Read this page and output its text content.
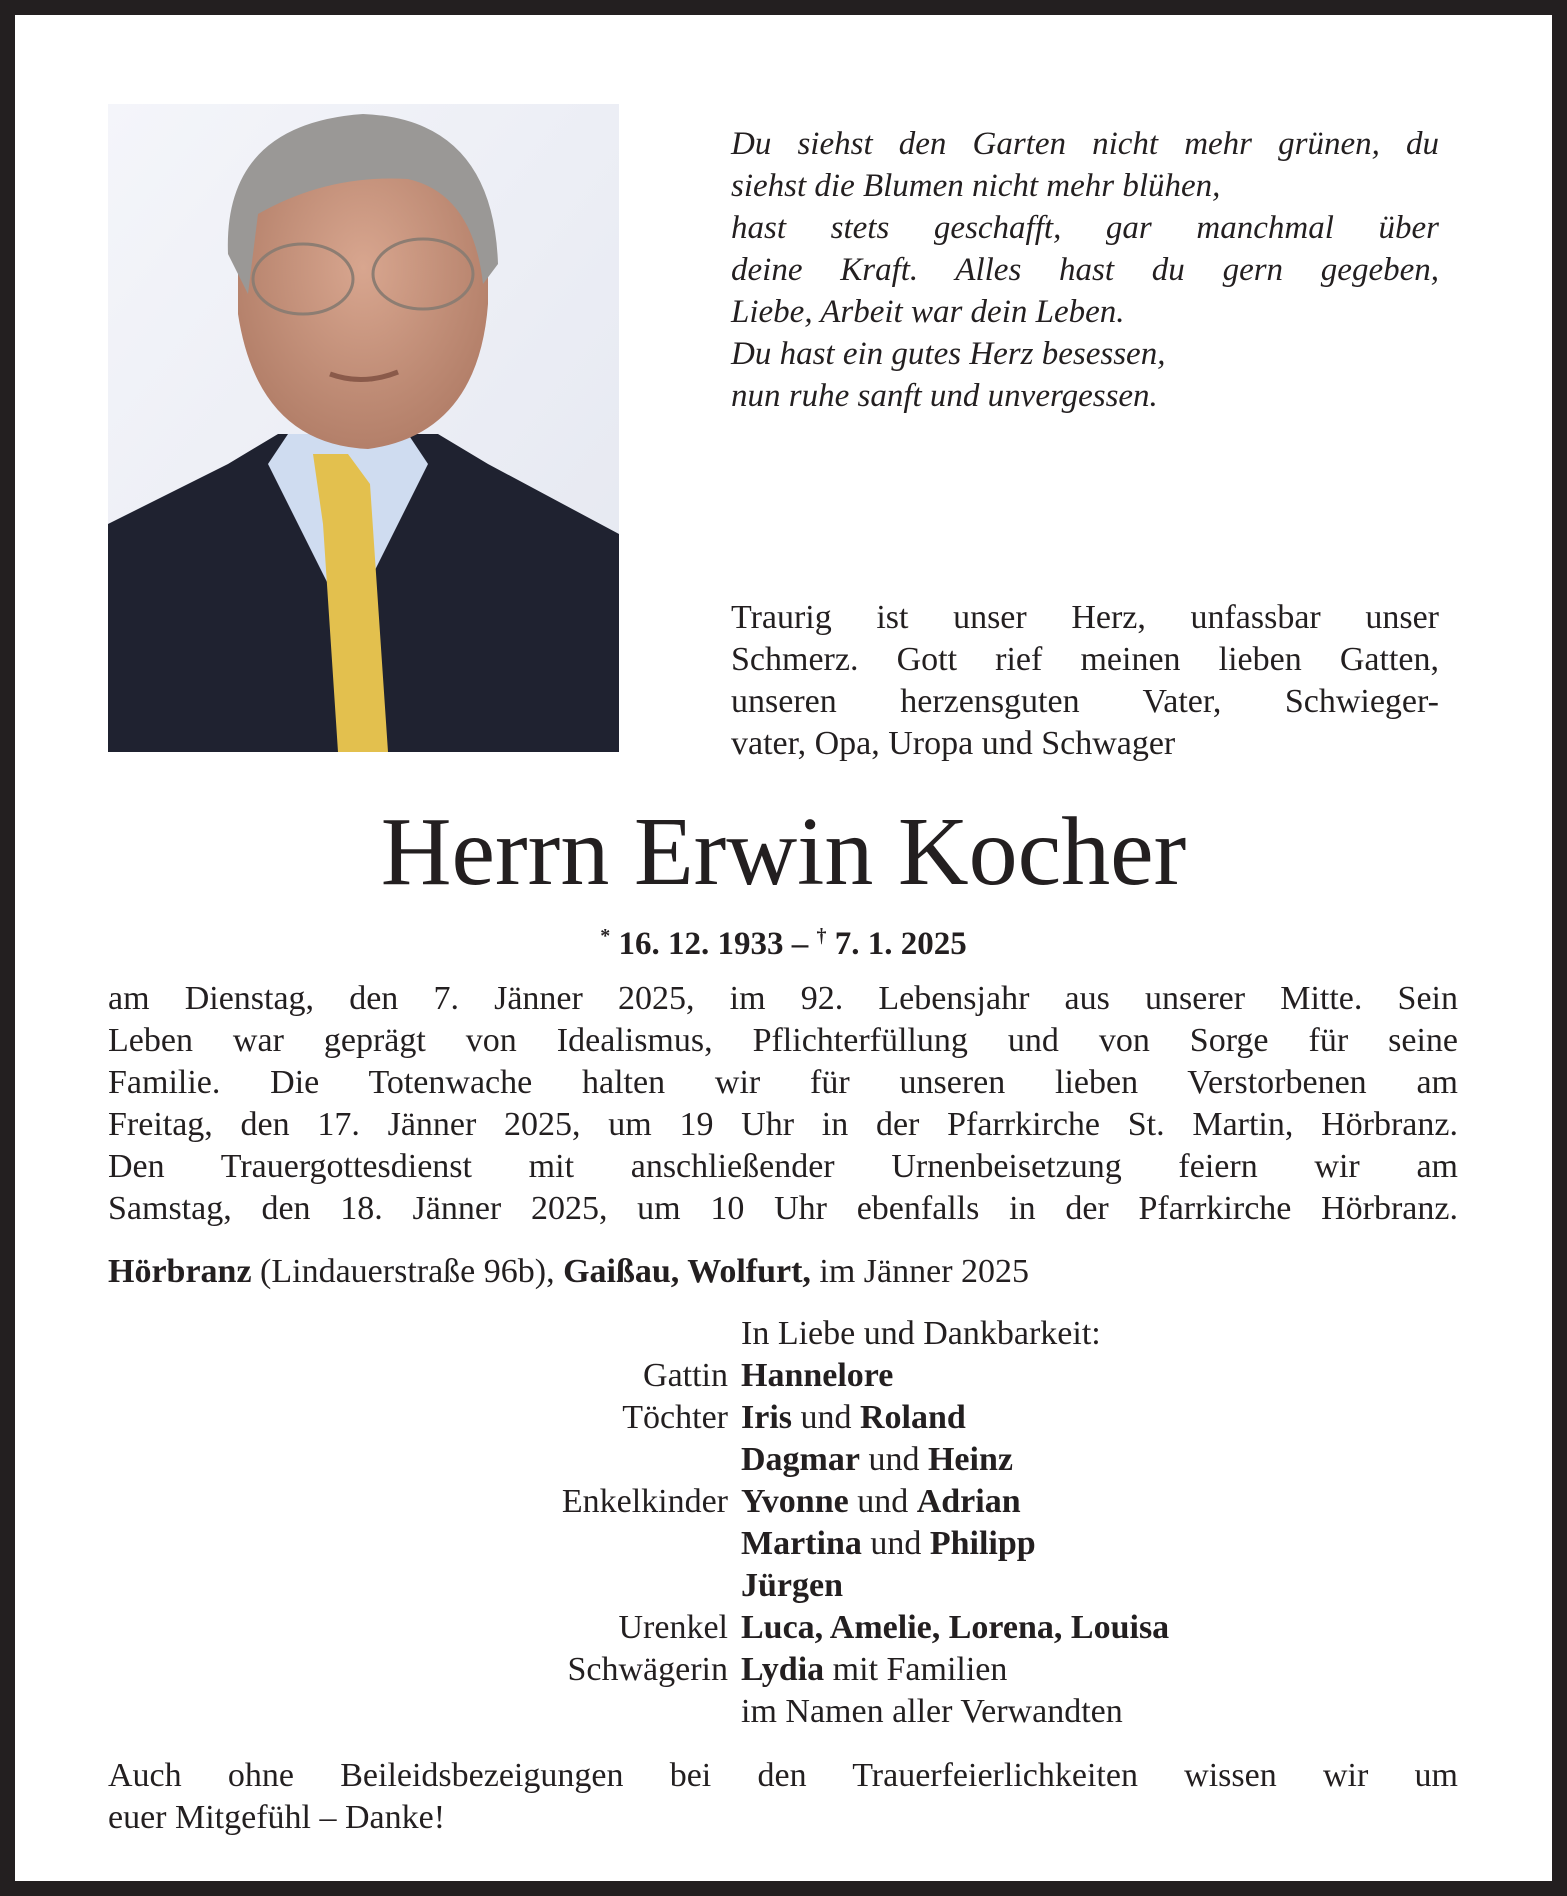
Du siehst den Garten nicht mehr grünen, du
siehst die Blumen nicht mehr blühen,
hast stets geschafft, gar manchmal über
deine Kraft. Alles hast du gern gegeben,
Liebe, Arbeit war dein Leben.
Du hast ein gutes Herz besessen,
nun ruhe sanft und unvergessen.
Traurig ist unser Herz, unfassbar unser
Schmerz. Gott rief meinen lieben Gatten,
unseren herzensguten Vater, Schwieger-
vater, Opa, Uropa und Schwager
Herrn Erwin Kocher
* 16. 12. 1933 – † 7. 1. 2025
am Dienstag, den 7. Jänner 2025, im 92. Lebensjahr aus unserer Mitte. Sein
Leben war geprägt von Idealismus, Pflichterfüllung und von Sorge für seine
Familie. Die Totenwache halten wir für unseren lieben Verstorbenen am
Freitag, den 17. Jänner 2025, um 19 Uhr in der Pfarrkirche St. Martin, Hörbranz.
Den Trauergottesdienst mit anschließender Urnenbeisetzung feiern wir am
Samstag, den 18. Jänner 2025, um 10 Uhr ebenfalls in der Pfarrkirche Hörbranz.
Hörbranz (Lindauerstraße 96b), Gaißau, Wolfurt, im Jänner 2025
In Liebe und Dankbarkeit:
Gattin Hannelore
Töchter Iris und Roland
Dagmar und Heinz
Enkelkinder Yvonne und Adrian
Martina und Philipp
Jürgen
Urenkel Luca, Amelie, Lorena, Louisa
Schwägerin Lydia mit Familien
im Namen aller Verwandten
Auch ohne Beileidsbezeigungen bei den Trauerfeierlichkeiten wissen wir um
euer Mitgefühl – Danke!
